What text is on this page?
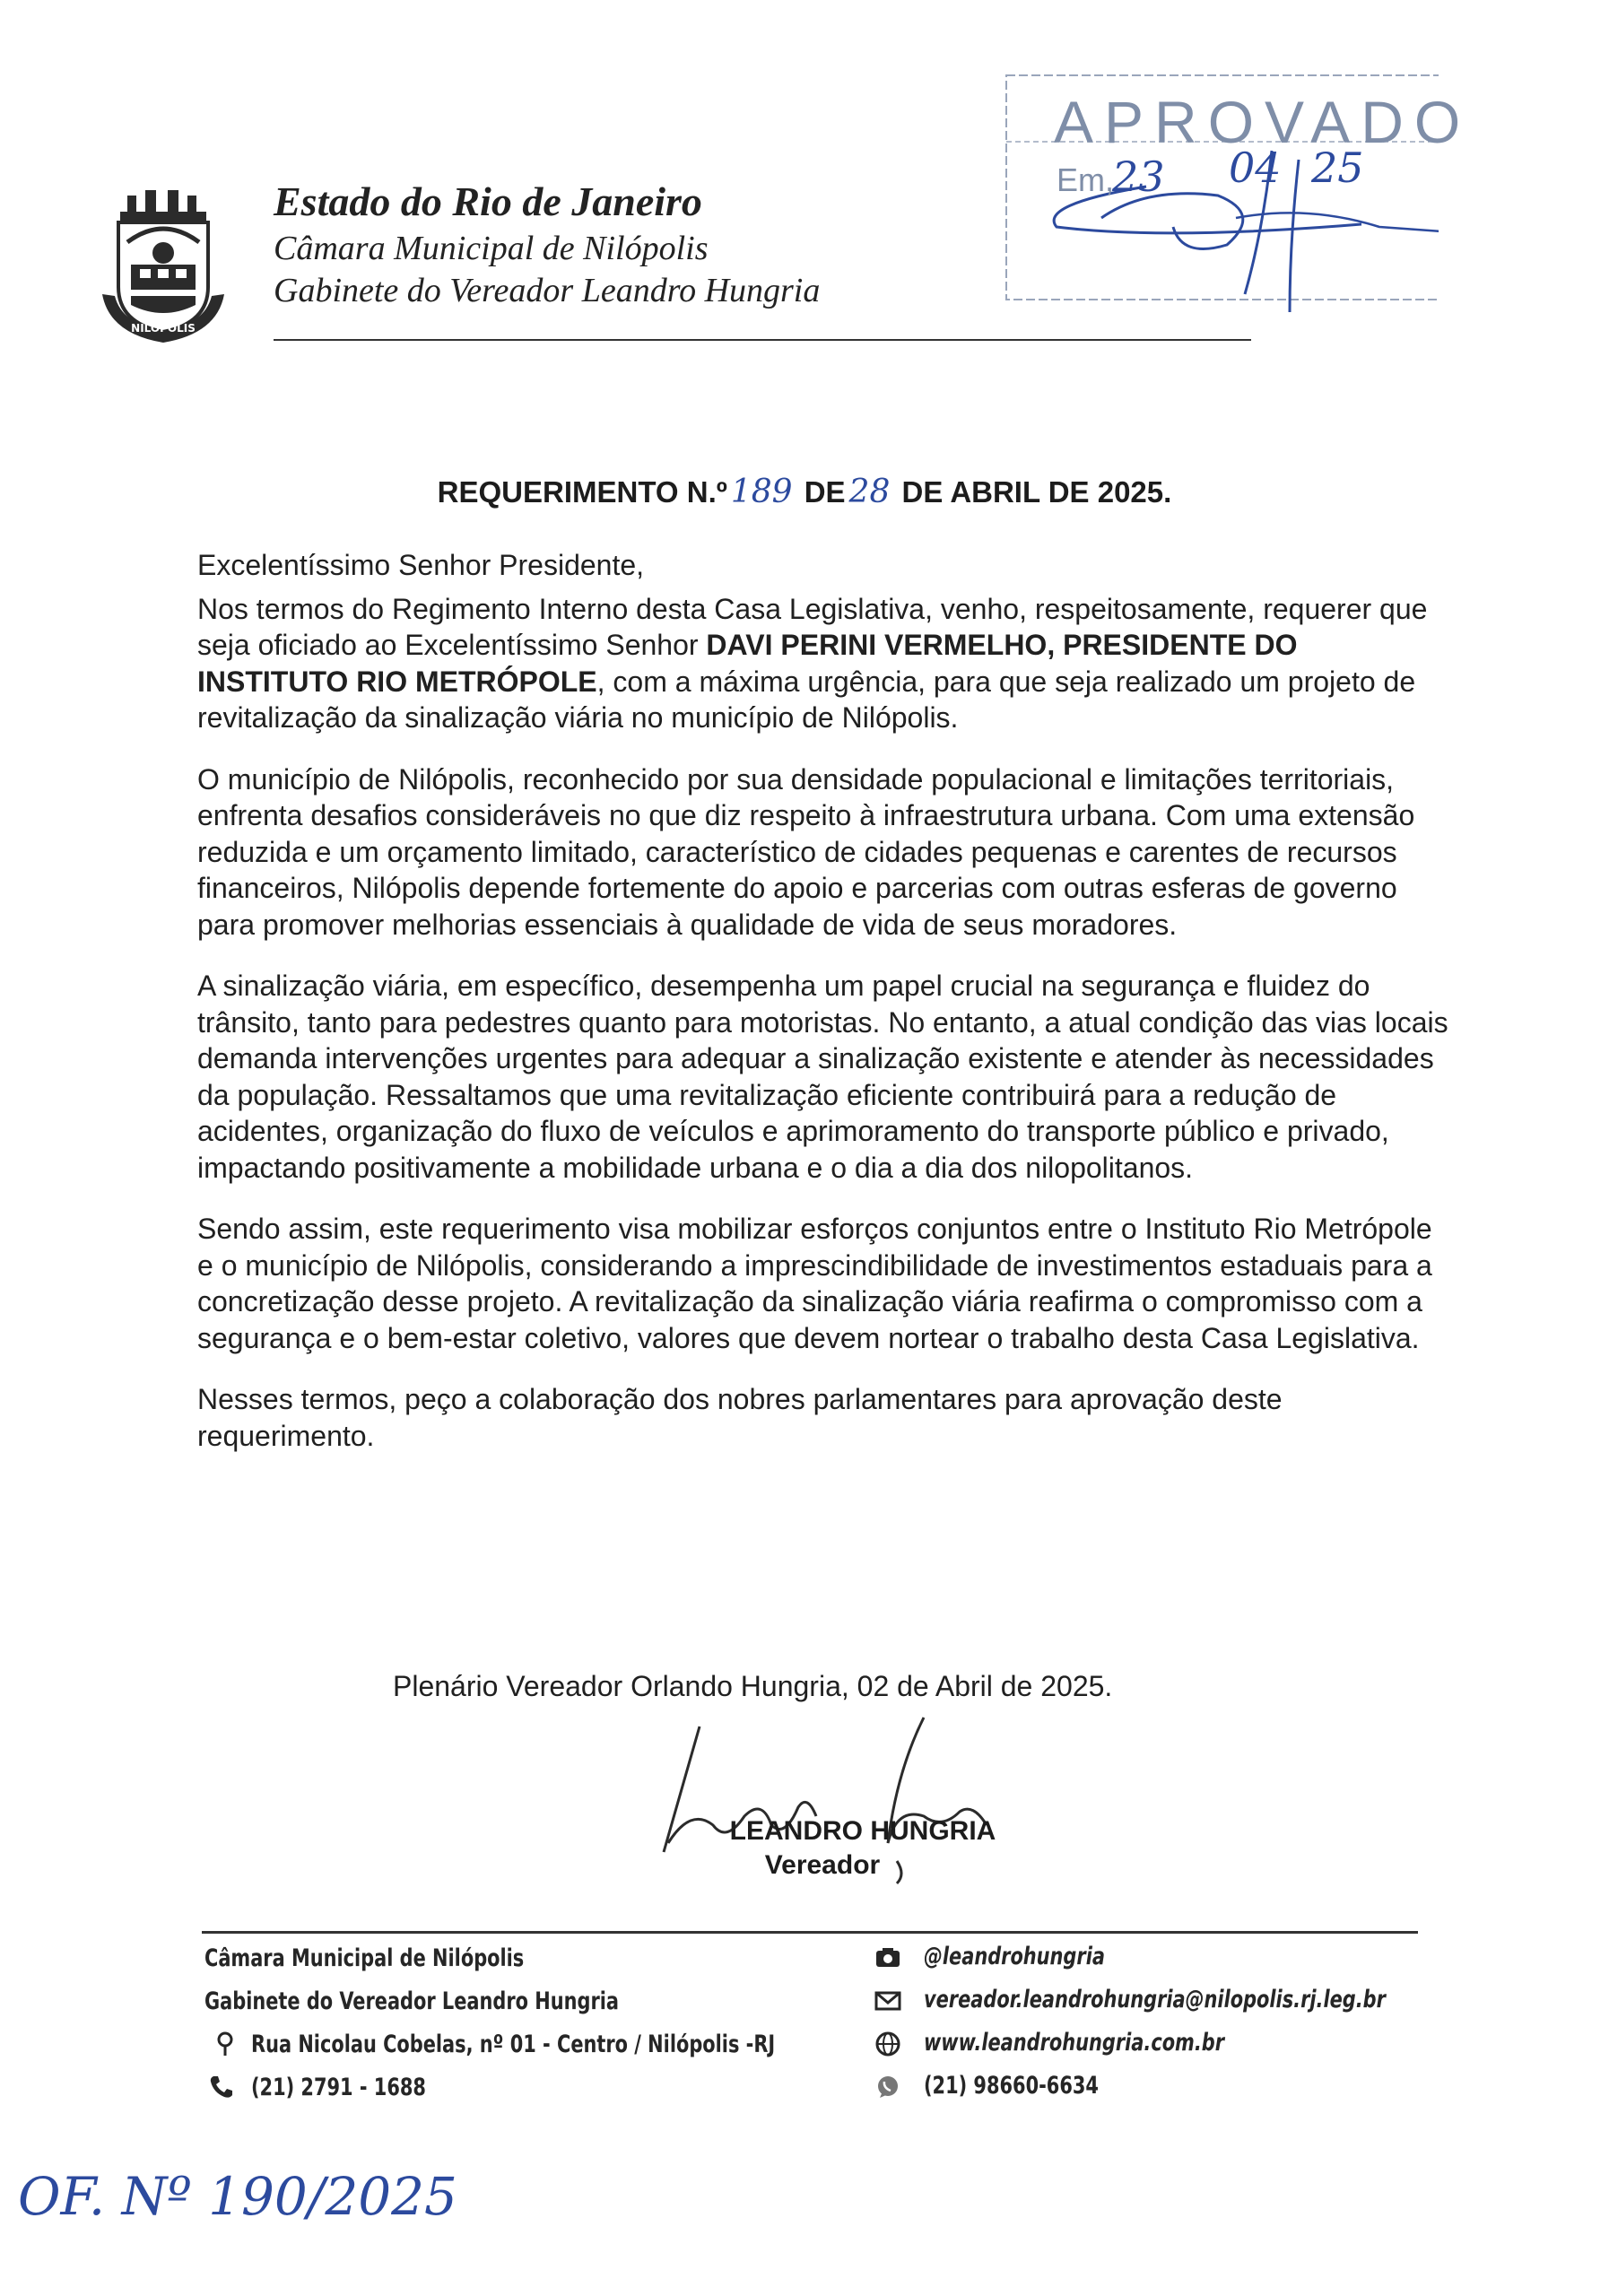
NILÓPOLIS
Estado do Rio de Janeiro
Câmara Municipal de Nilópolis
Gabinete do Vereador Leandro Hungria
APROVADO
Em,
23 04 25
REQUERIMENTO N.º 189 DE 28 DE ABRIL DE 2025.

Excelentíssimo Senhor Presidente,

Nos termos do Regimento Interno desta Casa Legislativa, venho, respeitosamente, requerer que seja oficiado ao Excelentíssimo Senhor DAVI PERINI VERMELHO, PRESIDENTE DO INSTITUTO RIO METRÓPOLE, com a máxima urgência, para que seja realizado um projeto de revitalização da sinalização viária no município de Nilópolis.

O município de Nilópolis, reconhecido por sua densidade populacional e limitações territoriais, enfrenta desafios consideráveis no que diz respeito à infraestrutura urbana. Com uma extensão reduzida e um orçamento limitado, característico de cidades pequenas e carentes de recursos financeiros, Nilópolis depende fortemente do apoio e parcerias com outras esferas de governo para promover melhorias essenciais à qualidade de vida de seus moradores.

A sinalização viária, em específico, desempenha um papel crucial na segurança e fluidez do trânsito, tanto para pedestres quanto para motoristas. No entanto, a atual condição das vias locais demanda intervenções urgentes para adequar a sinalização existente e atender às necessidades da população. Ressaltamos que uma revitalização eficiente contribuirá para a redução de acidentes, organização do fluxo de veículos e aprimoramento do transporte público e privado, impactando positivamente a mobilidade urbana e o dia a dia dos nilopolitanos.

Sendo assim, este requerimento visa mobilizar esforços conjuntos entre o Instituto Rio Metrópole e o município de Nilópolis, considerando a imprescindibilidade de investimentos estaduais para a concretização desse projeto. A revitalização da sinalização viária reafirma o compromisso com a segurança e o bem-estar coletivo, valores que devem nortear o trabalho desta Casa Legislativa.

Nesses termos, peço a colaboração dos nobres parlamentares para aprovação deste requerimento.

Plenário Vereador Orlando Hungria, 02 de Abril de 2025.
LEANDRO HUNGRIA
Vereador
Câmara Municipal de Nilópolis
Gabinete do Vereador Leandro Hungria
Rua Nicolau Cobelas, nº 01 - Centro / Nilópolis -RJ
(21) 2791 - 1688
@leandrohungria
vereador.leandrohungria@nilopolis.rj.leg.br
www.leandrohungria.com.br
(21) 98660-6634
OF. Nº 190/2025
